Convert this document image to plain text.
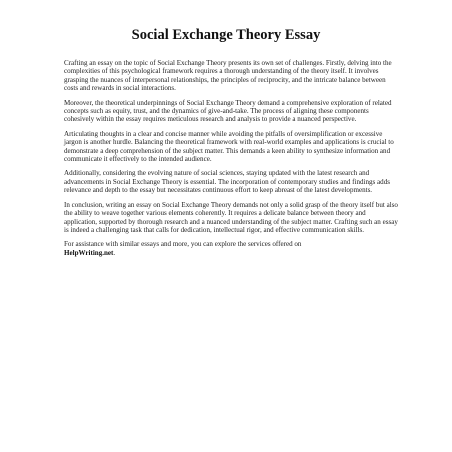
Social Exchange Theory Essay

Crafting an essay on the topic of Social Exchange Theory presents its own set of challenges. Firstly, delving into the complexities of this psychological framework requires a thorough understanding of the theory itself. It involves grasping the nuances of interpersonal relationships, the principles of reciprocity, and the intricate balance between costs and rewards in social interactions.

Moreover, the theoretical underpinnings of Social Exchange Theory demand a comprehensive exploration of related concepts such as equity, trust, and the dynamics of give-and-take. The process of aligning these components cohesively within the essay requires meticulous research and analysis to provide a nuanced perspective.

Articulating thoughts in a clear and concise manner while avoiding the pitfalls of oversimplification or excessive jargon is another hurdle. Balancing the theoretical framework with real-world examples and applications is crucial to demonstrate a deep comprehension of the subject matter. This demands a keen ability to synthesize information and communicate it effectively to the intended audience.

Additionally, considering the evolving nature of social sciences, staying updated with the latest research and advancements in Social Exchange Theory is essential. The incorporation of contemporary studies and findings adds relevance and depth to the essay but necessitates continuous effort to keep abreast of the latest developments.

In conclusion, writing an essay on Social Exchange Theory demands not only a solid grasp of the theory itself but also the ability to weave together various elements coherently. It requires a delicate balance between theory and application, supported by thorough research and a nuanced understanding of the subject matter. Crafting such an essay is indeed a challenging task that calls for dedication, intellectual rigor, and effective communication skills.

For assistance with similar essays and more, you can explore the services offered on
HelpWriting.net.
